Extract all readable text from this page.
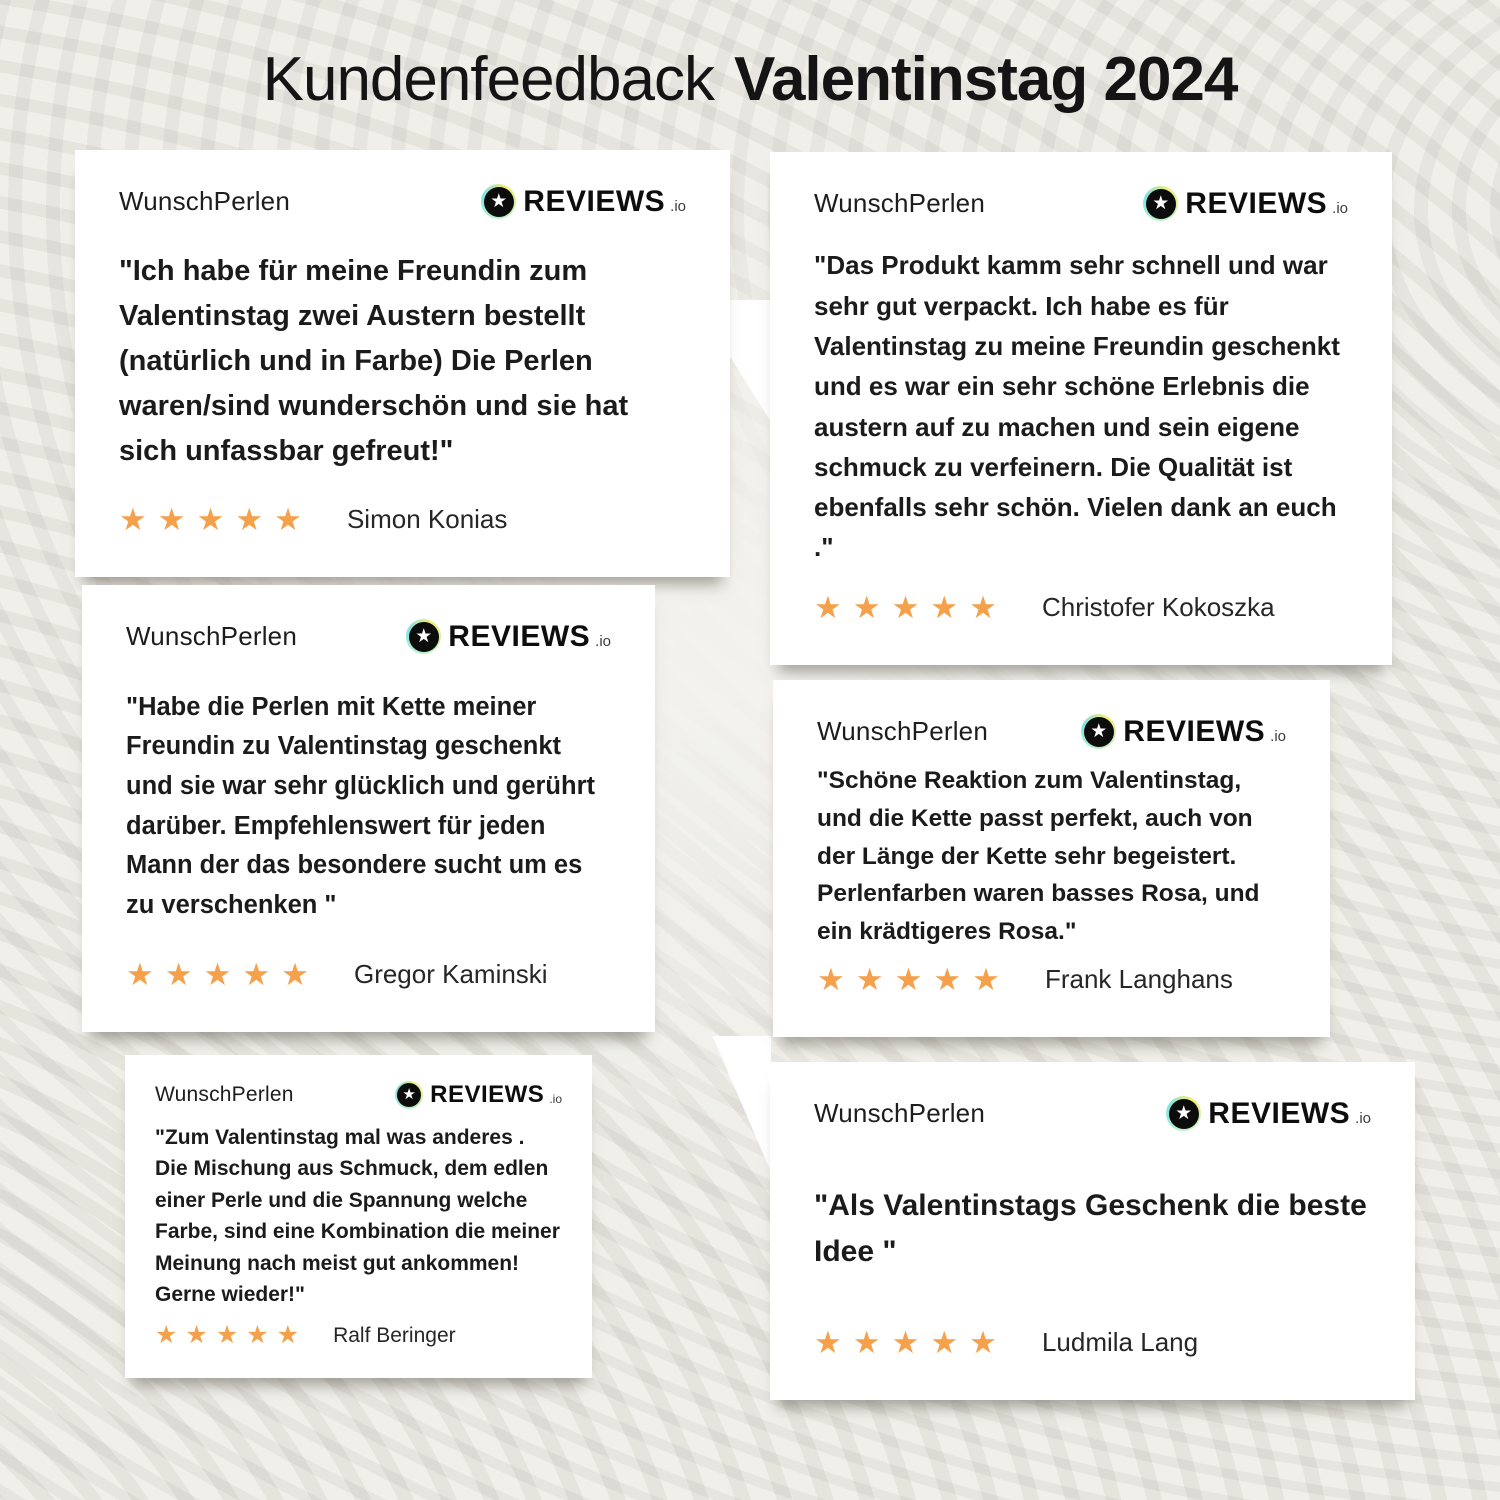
Kundenfeedback Valentinstag 2024
WunschPerlen	★ REVIEWS .io
"Ich habe für meine Freundin zum Valentinstag zwei Austern bestellt (natürlich und in Farbe) Die Perlen waren/sind wunderschön und sie hat sich unfassbar gefreut!"
★★★★★ Simon Konias
WunschPerlen	★ REVIEWS .io
"Das Produkt kamm sehr schnell und war sehr gut verpackt. Ich habe es für Valentinstag zu meine Freundin geschenkt und es war ein sehr schöne Erlebnis die austern auf zu machen und sein eigene schmuck zu verfeinern. Die Qualität ist ebenfalls sehr schön. Vielen dank an euch ."
★★★★★ Christofer Kokoszka
WunschPerlen	★ REVIEWS .io
"Habe die Perlen mit Kette meiner Freundin zu Valentinstag geschenkt und sie war sehr glücklich und gerührt darüber. Empfehlenswert für jeden Mann der das besondere sucht um es zu verschenken "
★★★★★ Gregor Kaminski
WunschPerlen	★ REVIEWS .io
"Schöne Reaktion zum Valentinstag, und die Kette passt perfekt, auch von der Länge der Kette sehr begeistert. Perlenfarben waren basses Rosa, und ein krädtigeres Rosa."
★★★★★ Frank Langhans
WunschPerlen	★ REVIEWS .io
"Zum Valentinstag mal was anderes . Die Mischung aus Schmuck, dem edlen einer Perle und die Spannung welche Farbe, sind eine Kombination die meiner Meinung nach meist gut ankommen! Gerne wieder!"
★★★★★ Ralf Beringer
WunschPerlen	★ REVIEWS .io
"Als Valentinstags Geschenk die beste Idee "
★★★★★ Ludmila Lang
